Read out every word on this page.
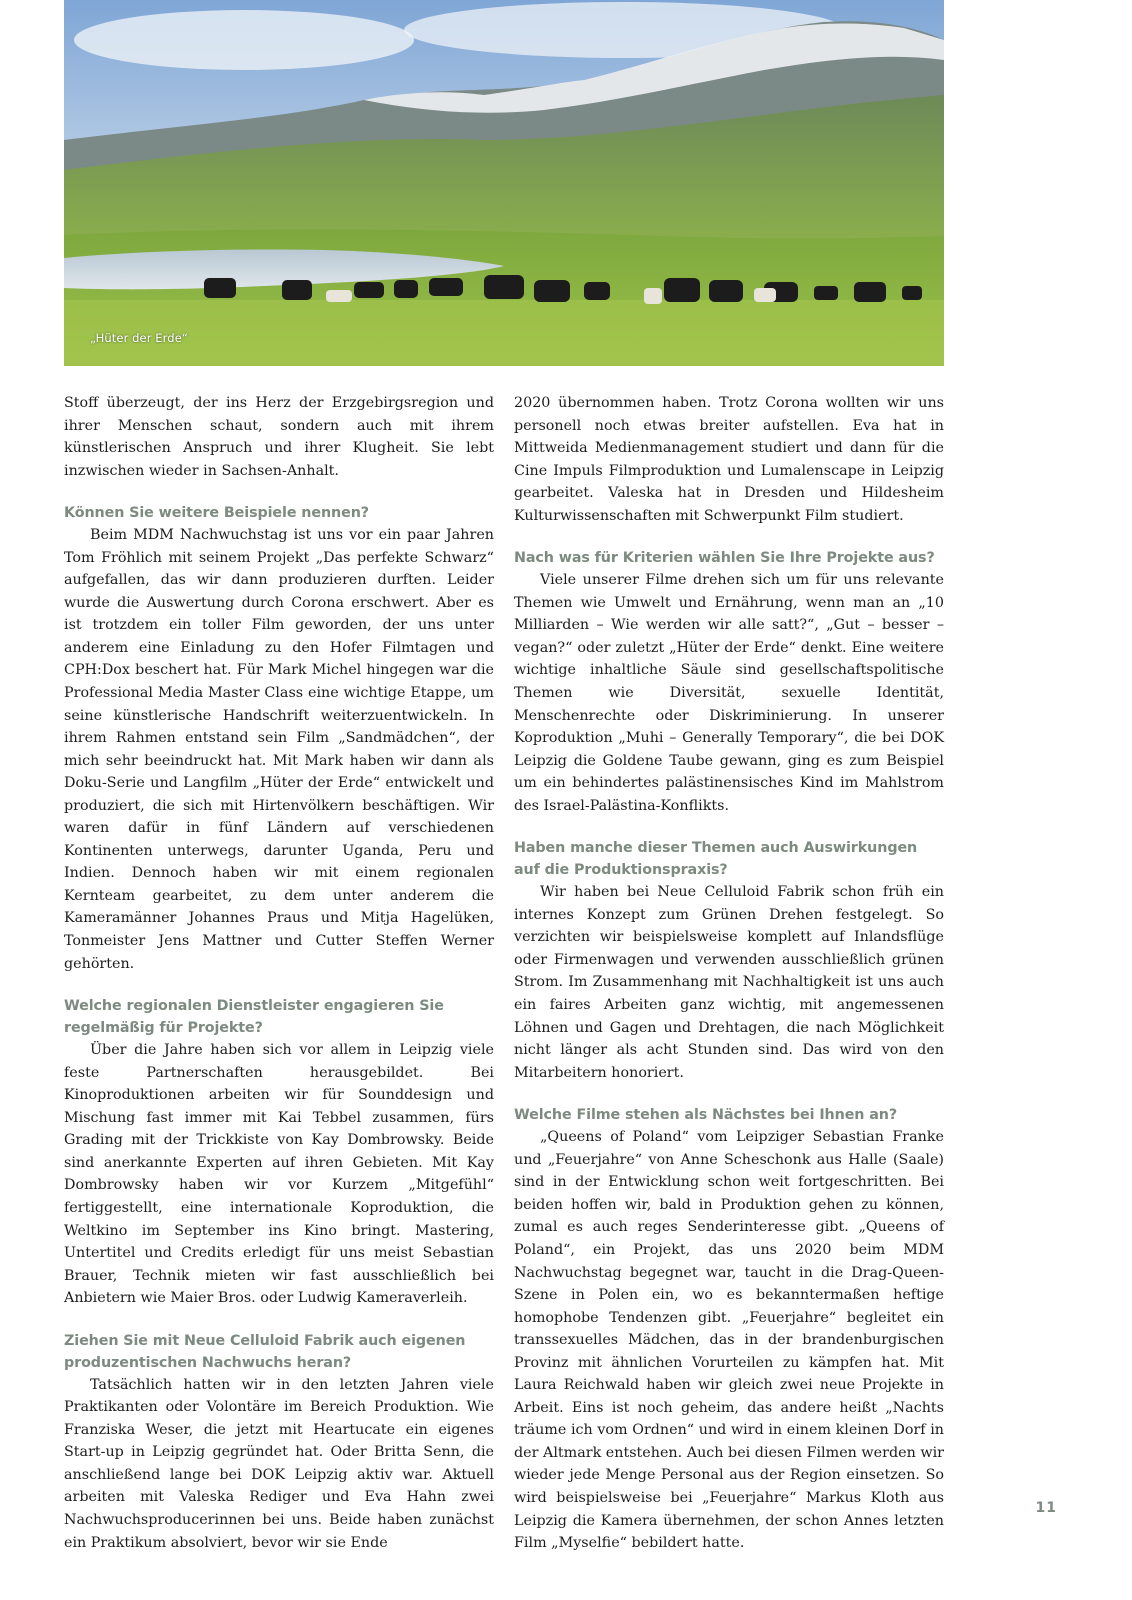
„Hüter der Erde“

Stoff überzeugt, der ins Herz der Erzgebirgsregion und ihrer Menschen schaut, sondern auch mit ihrem künstlerischen Anspruch und ihrer Klugheit. Sie lebt inzwischen wieder in Sachsen-Anhalt.

Können Sie weitere Beispiele nennen?

Beim MDM Nachwuchstag ist uns vor ein paar Jahren Tom Fröhlich mit seinem Projekt „Das perfekte Schwarz“ aufgefallen, das wir dann produzieren durften. Leider wurde die Auswertung durch Corona erschwert. Aber es ist trotzdem ein toller Film geworden, der uns unter anderem eine Einladung zu den Hofer Filmtagen und CPH:Dox beschert hat. Für Mark Michel hingegen war die Professional Media Master Class eine wichtige Etappe, um seine künstlerische Handschrift weiterzuentwickeln. In ihrem Rahmen entstand sein Film „Sandmädchen“, der mich sehr beeindruckt hat. Mit Mark haben wir dann als Doku-Serie und Langfilm „Hüter der Erde“ entwickelt und produziert, die sich mit Hirtenvölkern beschäftigen. Wir waren dafür in fünf Ländern auf verschiedenen Kontinenten unterwegs, darunter Uganda, Peru und Indien. Dennoch haben wir mit einem regionalen Kernteam gearbeitet, zu dem unter anderem die Kameramänner Johannes Praus und Mitja Hagelüken, Tonmeister Jens Mattner und Cutter Steffen Werner gehörten.

Welche regionalen Dienstleister engagieren Sie regelmäßig für Projekte?

Über die Jahre haben sich vor allem in Leipzig viele feste Partnerschaften herausgebildet. Bei Kinoproduktionen arbeiten wir für Sounddesign und Mischung fast immer mit Kai Tebbel zusammen, fürs Grading mit der Trickkiste von Kay Dombrowsky. Beide sind anerkannte Experten auf ihren Gebieten. Mit Kay Dombrowsky haben wir vor Kurzem „Mitgefühl“ fertiggestellt, eine internationale Koproduktion, die Weltkino im September ins Kino bringt. Mastering, Untertitel und Credits erledigt für uns meist Sebastian Brauer, Technik mieten wir fast ausschließlich bei Anbietern wie Maier Bros. oder Ludwig Kameraverleih.

Ziehen Sie mit Neue Celluloid Fabrik auch eigenen produzentischen Nachwuchs heran?

Tatsächlich hatten wir in den letzten Jahren viele Praktikanten oder Volontäre im Bereich Produktion. Wie Franziska Weser, die jetzt mit Heartucate ein eigenes Start-up in Leipzig gegründet hat. Oder Britta Senn, die anschließend lange bei DOK Leipzig aktiv war. Aktuell arbeiten mit Valeska Rediger und Eva Hahn zwei Nachwuchsproducerinnen bei uns. Beide haben zunächst ein Praktikum absolviert, bevor wir sie Ende

2020 übernommen haben. Trotz Corona wollten wir uns personell noch etwas breiter aufstellen. Eva hat in Mittweida Medienmanagement studiert und dann für die Cine Impuls Filmproduktion und Lumalenscape in Leipzig gearbeitet. Valeska hat in Dresden und Hildesheim Kulturwissenschaften mit Schwerpunkt Film studiert.

Nach was für Kriterien wählen Sie Ihre Projekte aus?

Viele unserer Filme drehen sich um für uns relevante Themen wie Umwelt und Ernährung, wenn man an „10 Milliarden – Wie werden wir alle satt?“, „Gut – besser – vegan?“ oder zuletzt „Hüter der Erde“ denkt. Eine weitere wichtige inhaltliche Säule sind gesellschaftspolitische Themen wie Diversität, sexuelle Identität, Menschenrechte oder Diskriminierung. In unserer Koproduktion „Muhi – Generally Temporary“, die bei DOK Leipzig die Goldene Taube gewann, ging es zum Beispiel um ein behindertes palästinensisches Kind im Mahlstrom des Israel-Palästina-Konflikts.

Haben manche dieser Themen auch Auswirkungen auf die Produktionspraxis?

Wir haben bei Neue Celluloid Fabrik schon früh ein internes Konzept zum Grünen Drehen festgelegt. So verzichten wir beispielsweise komplett auf Inlandsflüge oder Firmenwagen und verwenden ausschließlich grünen Strom. Im Zusammenhang mit Nachhaltigkeit ist uns auch ein faires Arbeiten ganz wichtig, mit angemessenen Löhnen und Gagen und Drehtagen, die nach Möglichkeit nicht länger als acht Stunden sind. Das wird von den Mitarbeitern honoriert.

Welche Filme stehen als Nächstes bei Ihnen an?

„Queens of Poland“ vom Leipziger Sebastian Franke und „Feuerjahre“ von Anne Scheschonk aus Halle (Saale) sind in der Entwicklung schon weit fortgeschritten. Bei beiden hoffen wir, bald in Produktion gehen zu können, zumal es auch reges Senderinteresse gibt. „Queens of Poland“, ein Projekt, das uns 2020 beim MDM Nachwuchstag begegnet war, taucht in die Drag-Queen-Szene in Polen ein, wo es bekanntermaßen heftige homophobe Tendenzen gibt. „Feuerjahre“ begleitet ein transsexuelles Mädchen, das in der brandenburgischen Provinz mit ähnlichen Vorurteilen zu kämpfen hat. Mit Laura Reichwald haben wir gleich zwei neue Projekte in Arbeit. Eins ist noch geheim, das andere heißt „Nachts träume ich vom Ordnen“ und wird in einem kleinen Dorf in der Altmark entstehen. Auch bei diesen Filmen werden wir wieder jede Menge Personal aus der Region einsetzen. So wird beispielsweise bei „Feuerjahre“ Markus Kloth aus Leipzig die Kamera übernehmen, der schon Annes letzten Film „Myselfie“ bebildert hatte.

11
